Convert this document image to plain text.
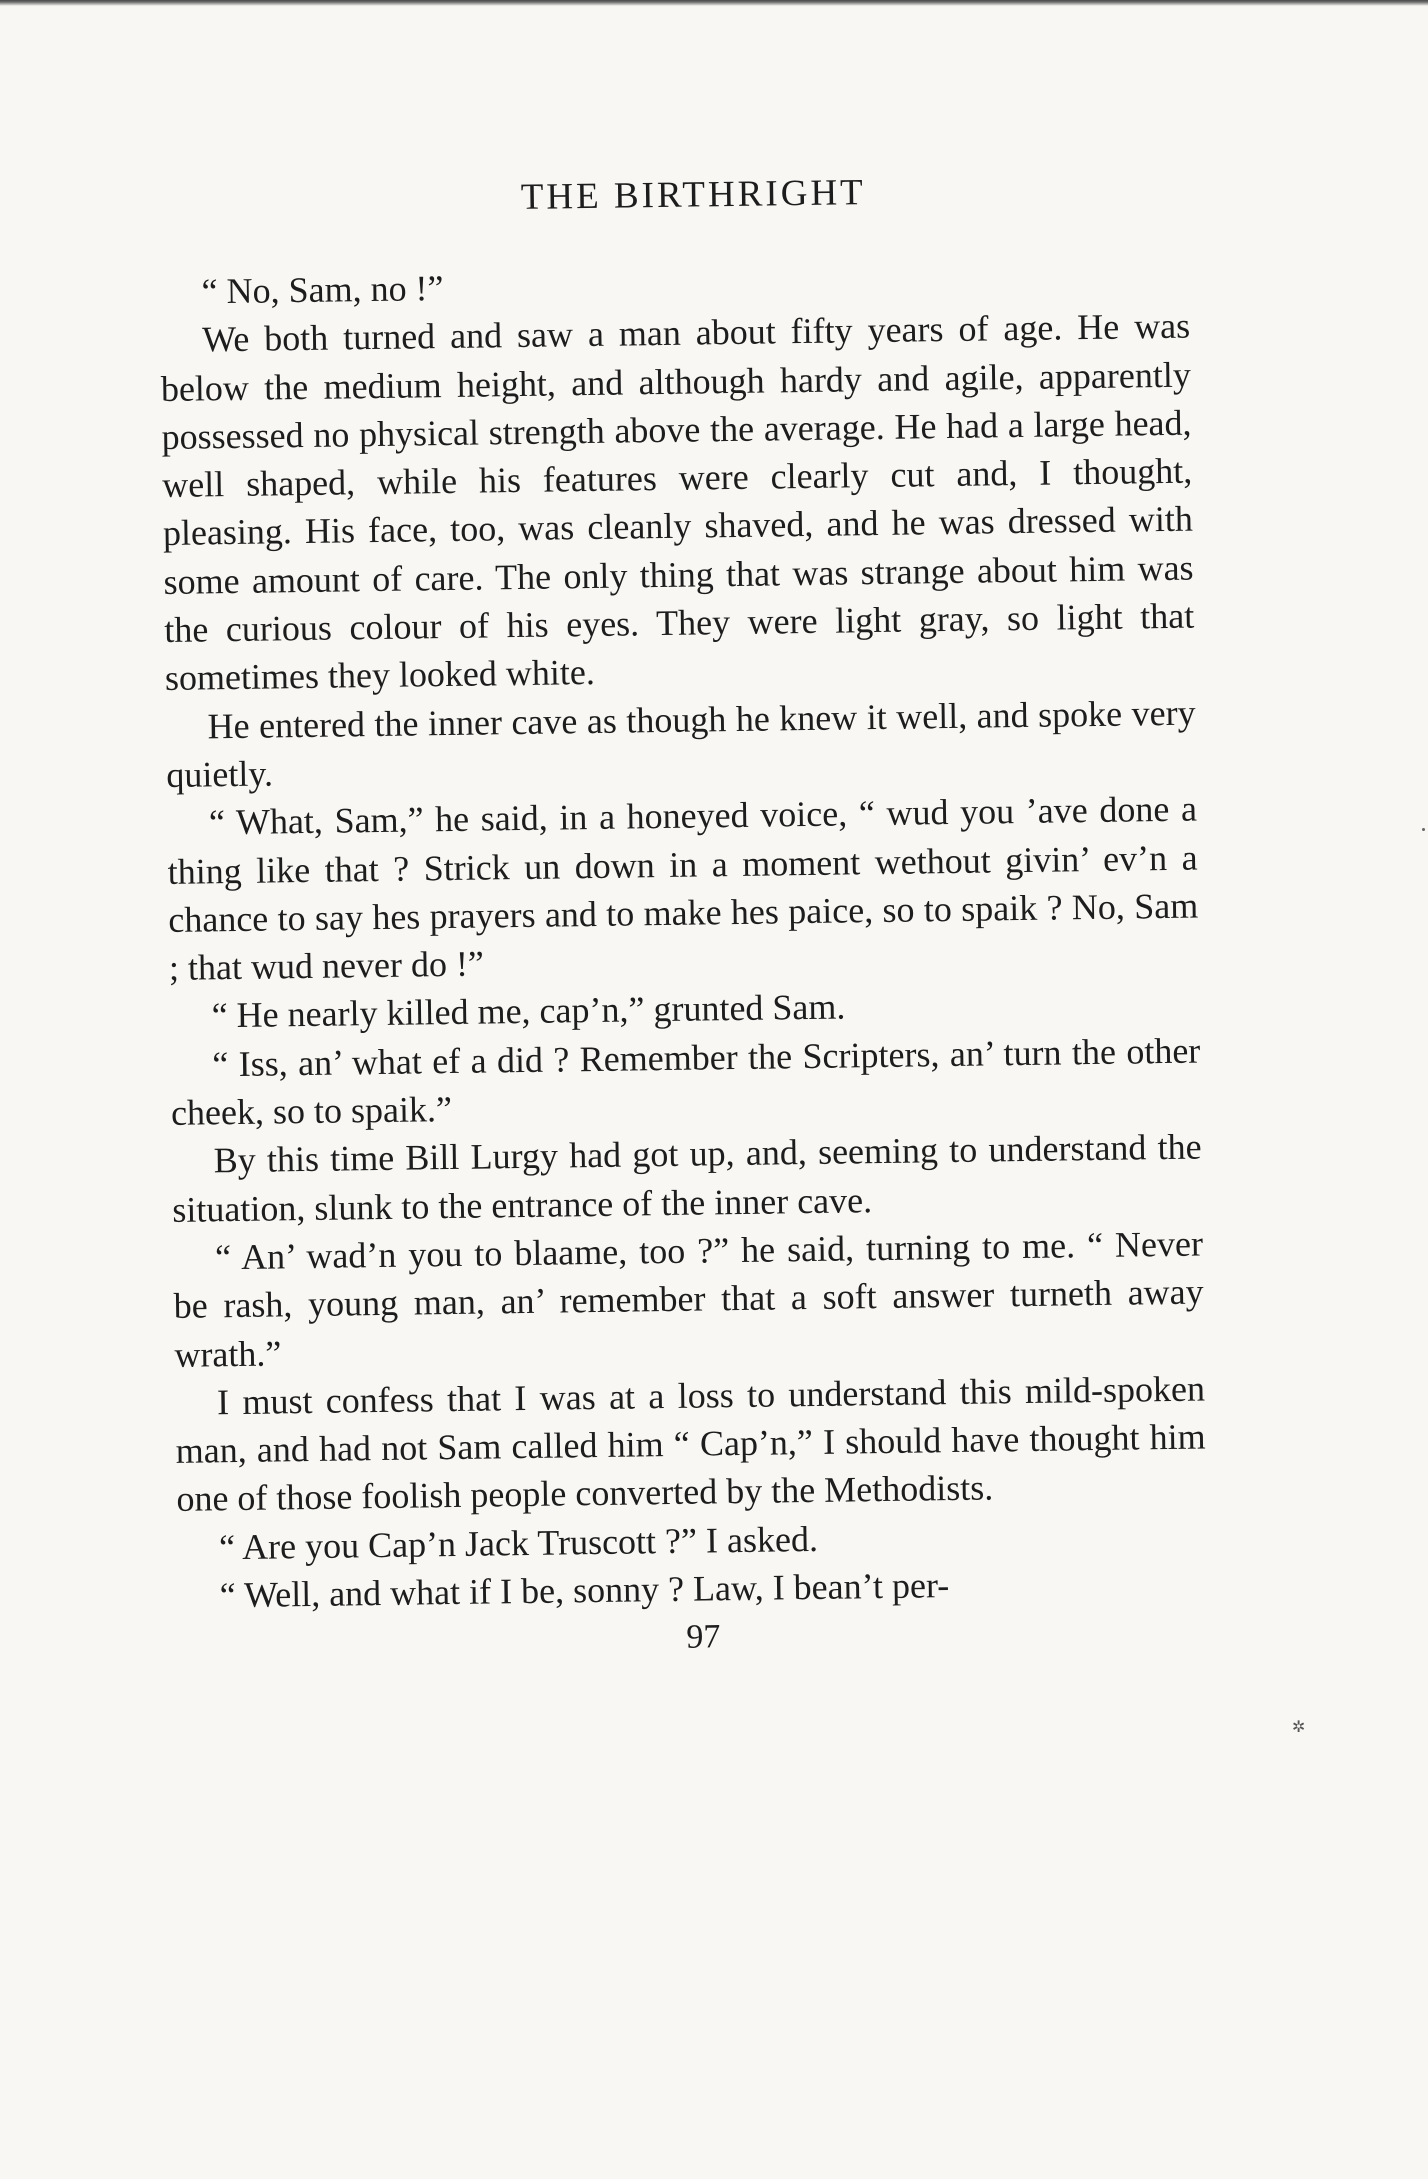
THE BIRTHRIGHT

“ No, Sam, no !”

We both turned and saw a man about fifty years of age. He was below the medium height, and although hardy and agile, apparently possessed no physical strength above the average. He had a large head, well shaped, while his features were clearly cut and, I thought, pleasing. His face, too, was cleanly shaved, and he was dressed with some amount of care. The only thing that was strange about him was the curious colour of his eyes. They were light gray, so light that sometimes they looked white.

He entered the inner cave as though he knew it well, and spoke very quietly.

“ What, Sam,” he said, in a honeyed voice, “ wud you ’ave done a thing like that ? Strick un down in a moment wethout givin’ ev’n a chance to say hes prayers and to make hes paice, so to spaik ? No, Sam ; that wud never do !”

“ He nearly killed me, cap’n,” grunted Sam.

“ Iss, an’ what ef a did ? Remember the Scripters, an’ turn the other cheek, so to spaik.”

By this time Bill Lurgy had got up, and, seeming to understand the situation, slunk to the entrance of the inner cave.

“ An’ wad’n you to blaame, too ?” he said, turning to me. “ Never be rash, young man, an’ remember that a soft answer turneth away wrath.”

I must confess that I was at a loss to understand this mild-spoken man, and had not Sam called him “ Cap’n,” I should have thought him one of those foolish people converted by the Methodists.

“ Are you Cap’n Jack Truscott ?” I asked.

“ Well, and what if I be, sonny ? Law, I bean’t per-

97
✲
